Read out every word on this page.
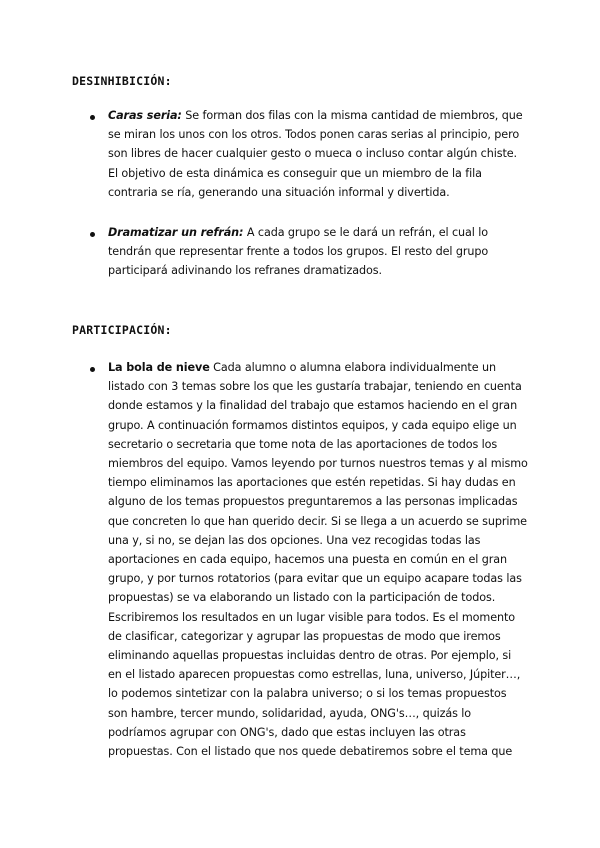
DESINHIBICIÓN:
Caras seria: Se forman dos filas con la misma cantidad de miembros, que se miran los unos con los otros. Todos ponen caras serias al principio, pero son libres de hacer cualquier gesto o mueca o incluso contar algún chiste. El objetivo de esta dinámica es conseguir que un miembro de la fila contraria se ría, generando una situación informal y divertida.
Dramatizar un refrán: A cada grupo se le dará un refrán, el cual lo tendrán que representar frente a todos los grupos. El resto del grupo participará adivinando los refranes dramatizados.
PARTICIPACIÓN:
La bola de nieve Cada alumno o alumna elabora individualmente un listado con 3 temas sobre los que les gustaría trabajar, teniendo en cuenta donde estamos y la finalidad del trabajo que estamos haciendo en el gran grupo. A continuación formamos distintos equipos, y cada equipo elige un secretario o secretaria que tome nota de las aportaciones de todos los miembros del equipo. Vamos leyendo por turnos nuestros temas y al mismo tiempo eliminamos las aportaciones que estén repetidas. Si hay dudas en alguno de los temas propuestos preguntaremos a las personas implicadas que concreten lo que han querido decir. Si se llega a un acuerdo se suprime una y, si no, se dejan las dos opciones. Una vez recogidas todas las aportaciones en cada equipo, hacemos una puesta en común en el gran grupo, y por turnos rotatorios (para evitar que un equipo acapare todas las propuestas) se va elaborando un listado con la participación de todos. Escribiremos los resultados en un lugar visible para todos. Es el momento de clasificar, categorizar y agrupar las propuestas de modo que iremos eliminando aquellas propuestas incluidas dentro de otras. Por ejemplo, si en el listado aparecen propuestas como estrellas, luna, universo, Júpiter…, lo podemos sintetizar con la palabra universo; o si los temas propuestos son hambre, tercer mundo, solidaridad, ayuda, ONG's…, quizás lo podríamos agrupar con ONG's, dado que estas incluyen las otras propuestas. Con el listado que nos quede debatiremos sobre el tema que
